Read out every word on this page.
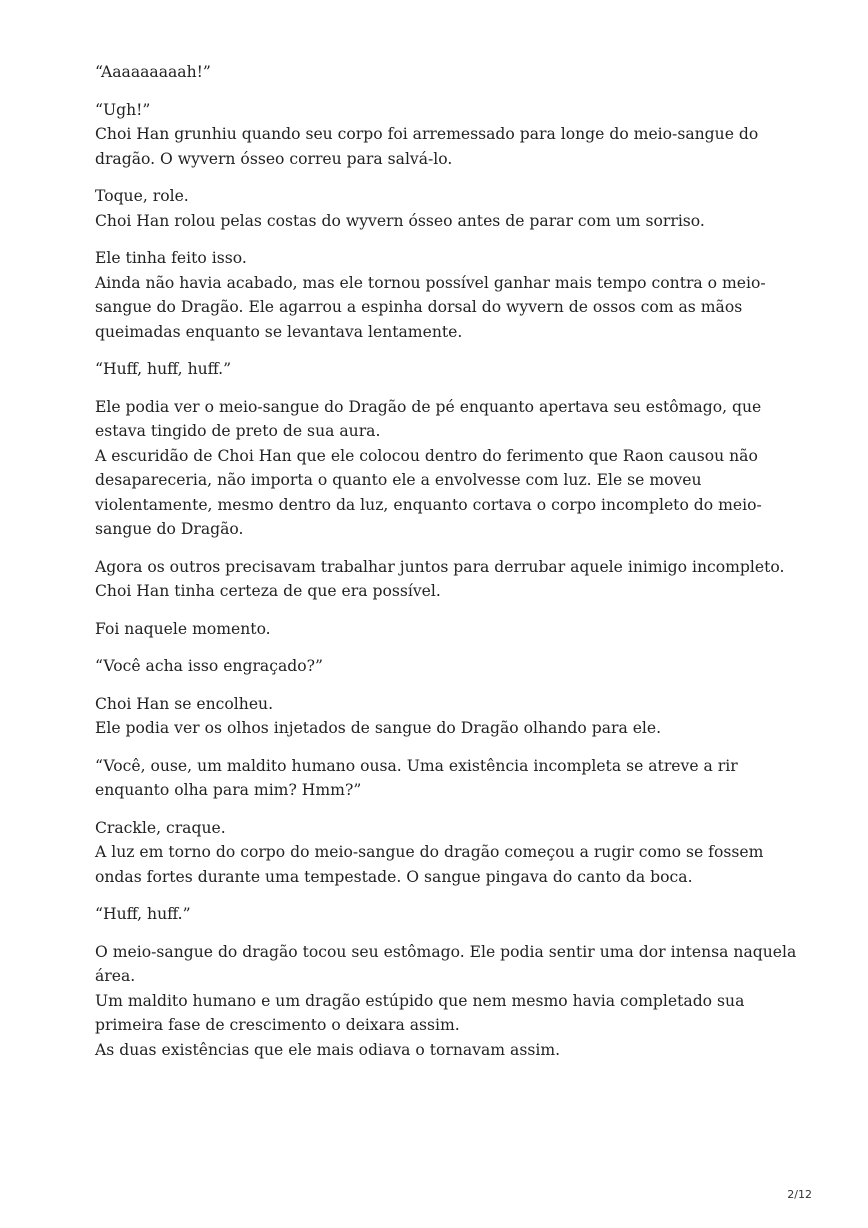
“Aaaaaaaaah!”

“Ugh!”
Choi Han grunhiu quando seu corpo foi arremessado para longe do meio-sangue do
dragão. O wyvern ósseo correu para salvá-lo.

Toque, role.
Choi Han rolou pelas costas do wyvern ósseo antes de parar com um sorriso.

Ele tinha feito isso.
Ainda não havia acabado, mas ele tornou possível ganhar mais tempo contra o meio-
sangue do Dragão. Ele agarrou a espinha dorsal do wyvern de ossos com as mãos
queimadas enquanto se levantava lentamente.

“Huff, huff, huff.”

Ele podia ver o meio-sangue do Dragão de pé enquanto apertava seu estômago, que
estava tingido de preto de sua aura.
A escuridão de Choi Han que ele colocou dentro do ferimento que Raon causou não
desapareceria, não importa o quanto ele a envolvesse com luz. Ele se moveu
violentamente, mesmo dentro da luz, enquanto cortava o corpo incompleto do meio-
sangue do Dragão.

Agora os outros precisavam trabalhar juntos para derrubar aquele inimigo incompleto.
Choi Han tinha certeza de que era possível.

Foi naquele momento.

“Você acha isso engraçado?”

Choi Han se encolheu.
Ele podia ver os olhos injetados de sangue do Dragão olhando para ele.

“Você, ouse, um maldito humano ousa. Uma existência incompleta se atreve a rir
enquanto olha para mim? Hmm?”

Crackle, craque.
A luz em torno do corpo do meio-sangue do dragão começou a rugir como se fossem
ondas fortes durante uma tempestade. O sangue pingava do canto da boca.

“Huff, huff.”

O meio-sangue do dragão tocou seu estômago. Ele podia sentir uma dor intensa naquela
área.
Um maldito humano e um dragão estúpido que nem mesmo havia completado sua
primeira fase de crescimento o deixara assim.
As duas existências que ele mais odiava o tornavam assim.

2/12
